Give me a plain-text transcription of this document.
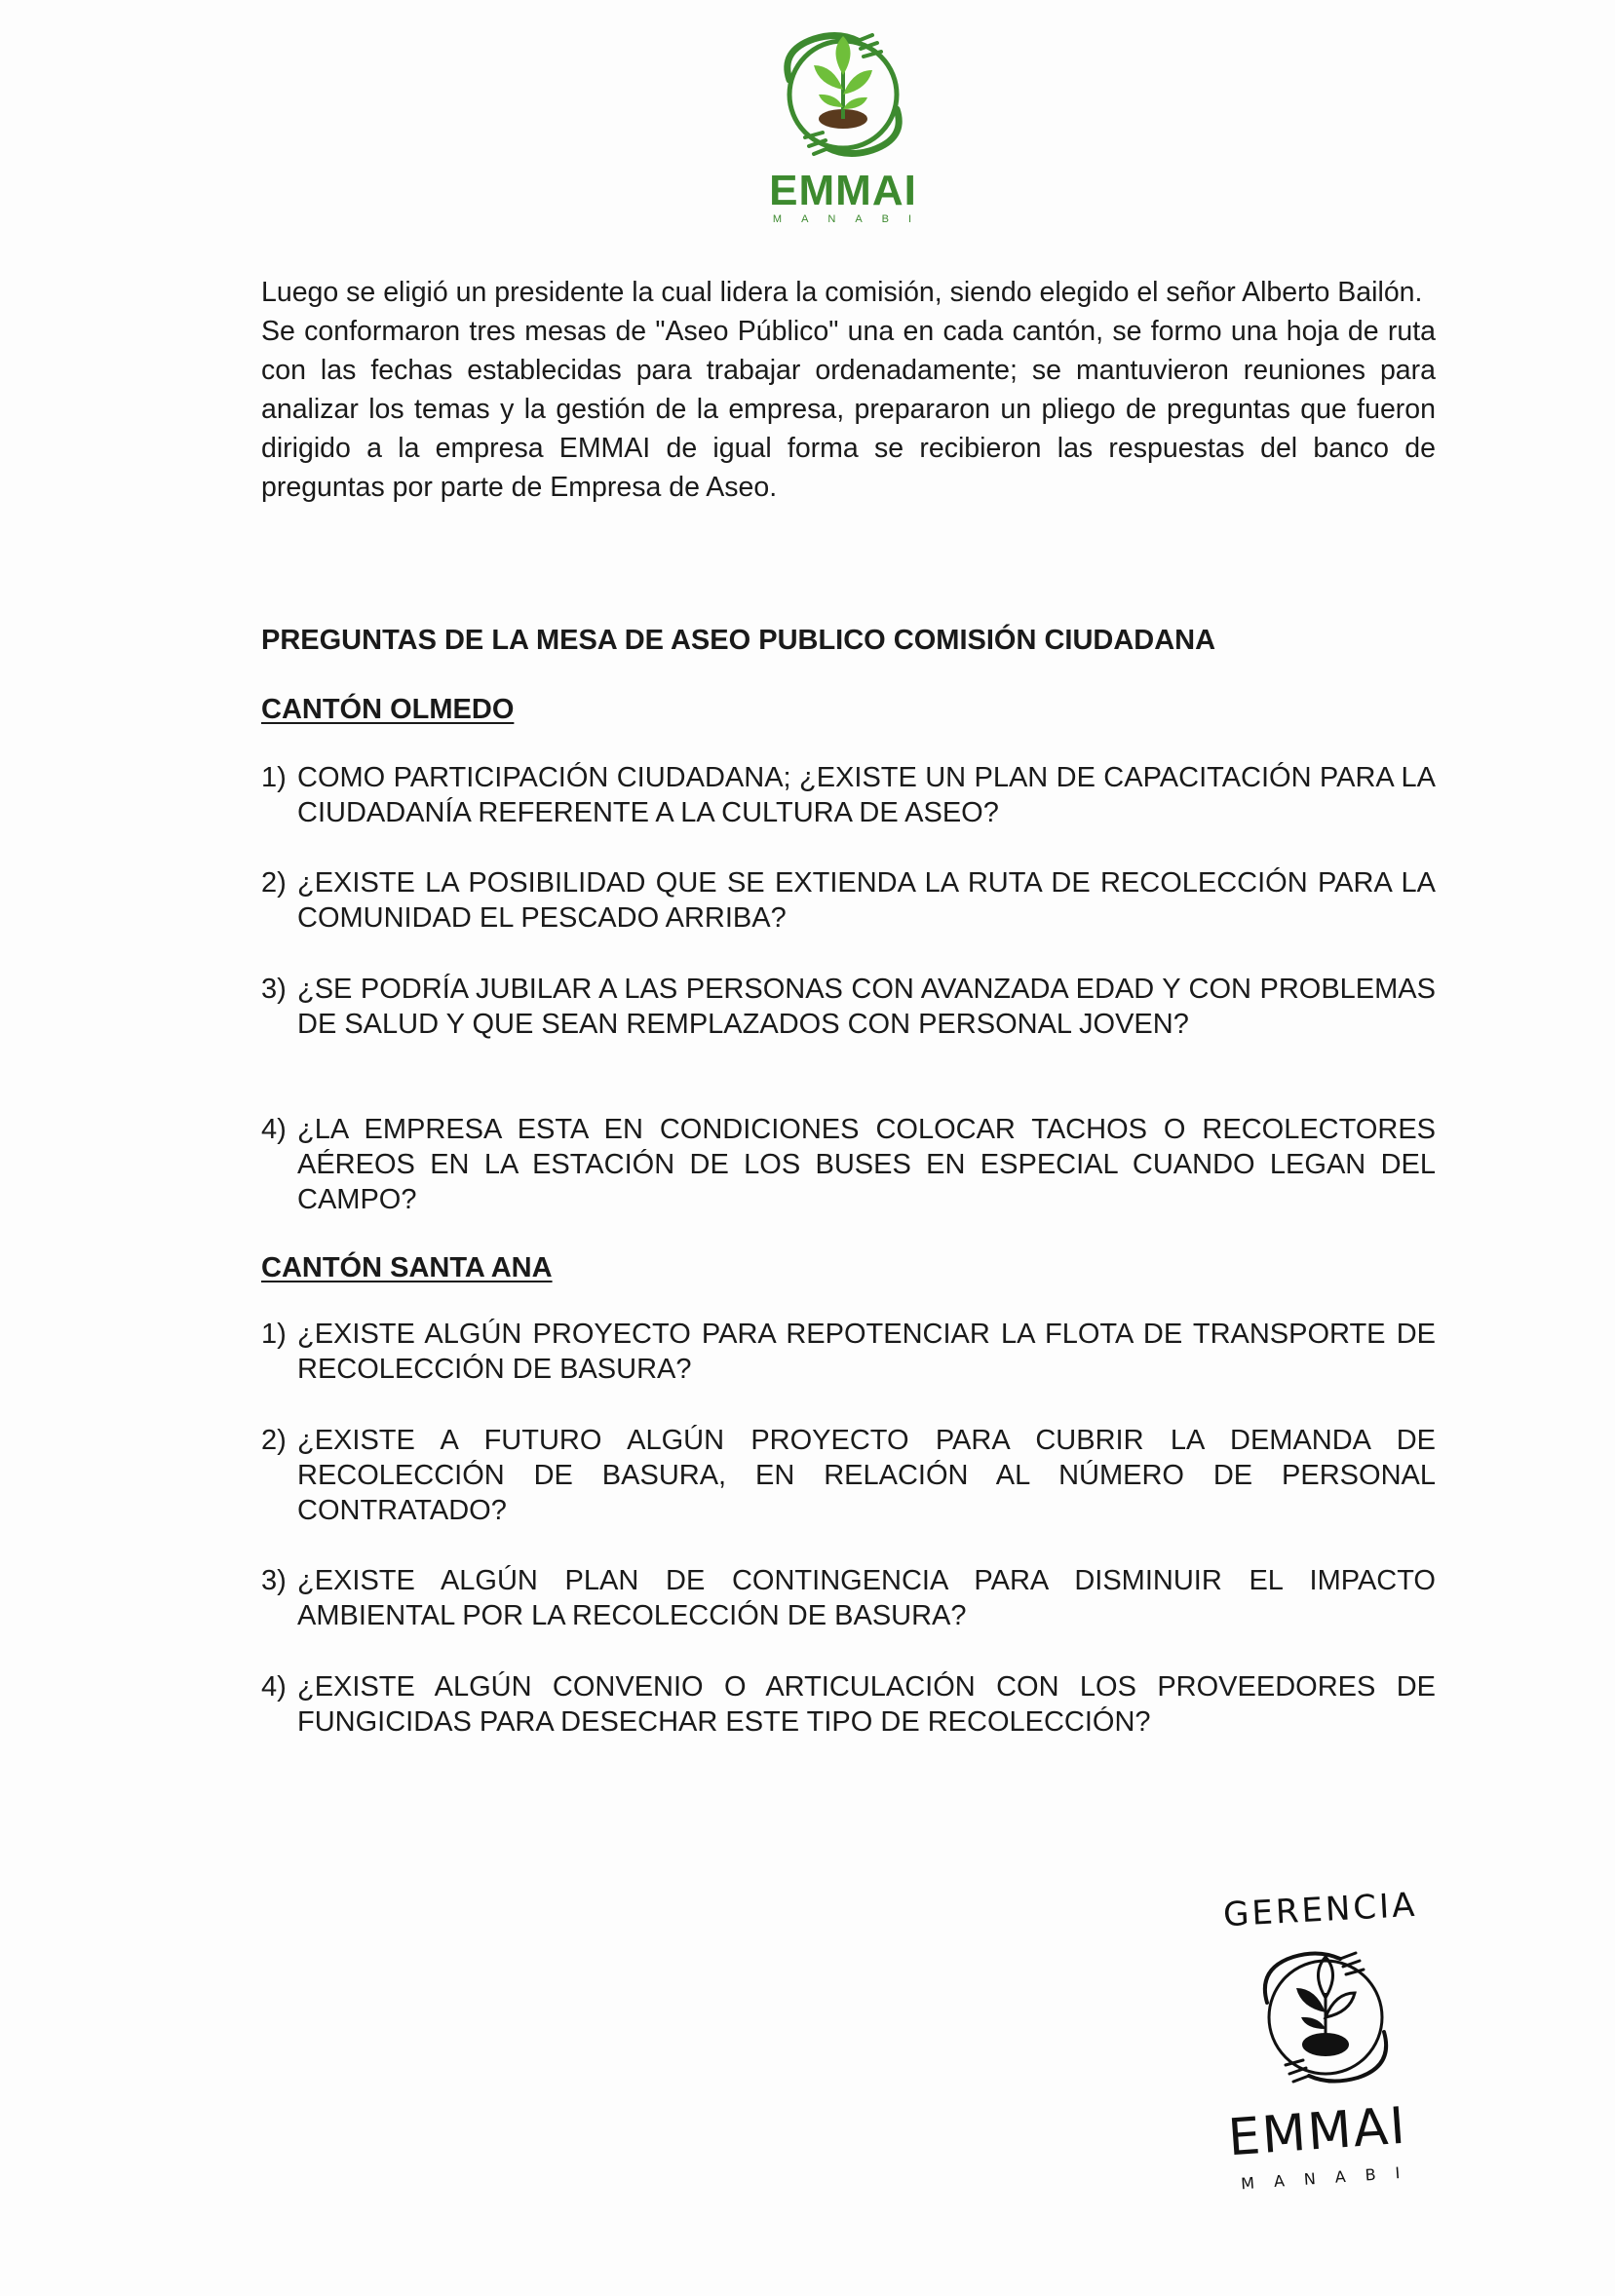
EMMAI
MANABI

Luego se eligió un presidente la cual lidera la comisión, siendo elegido el señor Alberto Bailón.

Se conformaron tres mesas de "Aseo Público" una en cada cantón, se formo una hoja de ruta con las fechas establecidas para trabajar ordenadamente; se mantuvieron reuniones para analizar los temas y la gestión de la empresa, prepararon un pliego de preguntas que fueron dirigido a la empresa EMMAI de igual forma se recibieron las respuestas del banco de preguntas por parte de Empresa de Aseo.

PREGUNTAS DE LA MESA DE ASEO PUBLICO COMISIÓN CIUDADANA

CANTÓN OLMEDO

1) COMO PARTICIPACIÓN CIUDADANA; ¿EXISTE UN PLAN DE CAPACITACIÓN PARA LA CIUDADANÍA REFERENTE A LA CULTURA DE ASEO?
2) ¿EXISTE LA POSIBILIDAD QUE SE EXTIENDA LA RUTA DE RECOLECCIÓN PARA LA COMUNIDAD EL PESCADO ARRIBA?
3) ¿SE PODRÍA JUBILAR A LAS PERSONAS CON AVANZADA EDAD Y CON PROBLEMAS DE SALUD Y QUE SEAN REMPLAZADOS CON PERSONAL JOVEN?
4) ¿LA EMPRESA ESTA EN CONDICIONES COLOCAR TACHOS O RECOLECTORES AÉREOS EN LA ESTACIÓN DE LOS BUSES EN ESPECIAL CUANDO LEGAN DEL CAMPO?

CANTÓN SANTA ANA

1) ¿EXISTE ALGÚN PROYECTO PARA REPOTENCIAR LA FLOTA DE TRANSPORTE DE RECOLECCIÓN DE BASURA?
2) ¿EXISTE A FUTURO ALGÚN PROYECTO PARA CUBRIR LA DEMANDA DE RECOLECCIÓN DE BASURA, EN RELACIÓN AL NÚMERO DE PERSONAL CONTRATADO?
3) ¿EXISTE ALGÚN PLAN DE CONTINGENCIA PARA DISMINUIR EL IMPACTO AMBIENTAL POR LA RECOLECCIÓN DE BASURA?
4) ¿EXISTE ALGÚN CONVENIO O ARTICULACIÓN CON LOS PROVEEDORES DE FUNGICIDAS PARA DESECHAR ESTE TIPO DE RECOLECCIÓN?
GERENCIA
EMMAI
MANABI
